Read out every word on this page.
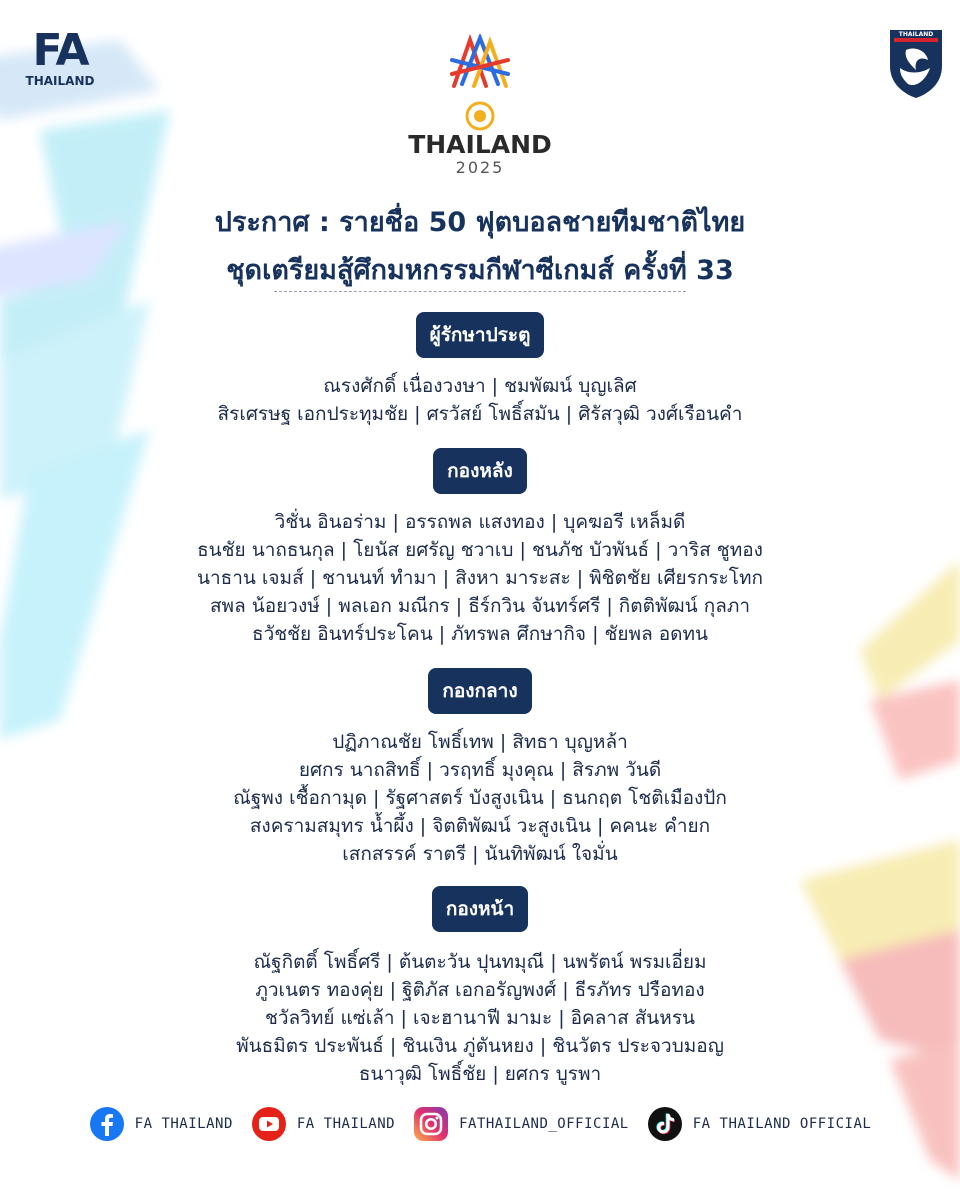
FA
THAILAND
THAILAND
THAILAND
2025
ประกาศ : รายชื่อ 50 ฟุตบอลชายทีมชาติไทย
ชุดเตรียมสู้ศึกมหกรรมกีฬาซีเกมส์ ครั้งที่ 33
ผู้รักษาประตู
ณรงศักดิ์ เนื่องวงษา | ชมพัฒน์ บุญเลิศ
สิรเศรษฐ เอกประทุมชัย | ศรวัสย์ โพธิ์สมัน | ศิรัสวุฒิ วงศ์เรือนคำ
กองหลัง
วิชั่น อินอร่าม | อรรถพล แสงทอง | บุคฆอรี เหล็มดี
ธนชัย นาถธนกุล | โยนัส ยศรัญ ชวาเบ | ชนภัช บัวพันธ์ | วาริส ชูทอง
นาธาน เจมส์ | ชานนท์ ทำมา | สิงหา มาระสะ | พิชิตชัย เศียรกระโทก
สพล น้อยวงษ์ | พลเอก มณีกร | ธีร์กวิน จันทร์ศรี | กิตติพัฒน์ กุลภา
ธวัชชัย อินทร์ประโคน | ภัทรพล ศึกษากิจ | ชัยพล อดทน
กองกลาง
ปฏิภาณชัย โพธิ์เทพ | สิทธา บุญหล้า
ยศกร นาถสิทธิ์ | วรฤทธิ์ มุงคุณ | สิรภพ วันดี
ณัฐพง เชื้อกามุด | รัฐศาสตร์ บังสูงเนิน | ธนกฤต โชติเมืองปัก
สงครามสมุทร น้ำผึ้ง | จิตติพัฒน์ วะสูงเนิน | คคนะ คำยก
เสกสรรค์ ราตรี | นันทิพัฒน์ ใจมั่น
กองหน้า
ณัฐกิตติ์ โพธิ์ศรี | ต้นตะวัน ปุนทมุณี | นพรัตน์ พรมเอี่ยม
ภูวเนตร ทองคุ่ย | ฐิติภัส เอกอรัญพงศ์ | ธีรภัทร ปรือทอง
ชวัลวิทย์ แซ่เล้า | เจะฮานาฟี มามะ | อิคลาส สันหรน
พันธมิตร ประพันธ์ | ชินเงิน ภู่ตันหยง | ชินวัตร ประจวบมอญ
ธนาวุฒิ โพธิ์ชัย | ยศกร บูรพา
FA THAILAND	FA THAILAND	FATHAILAND_OFFICIAL	FA THAILAND OFFICIAL
